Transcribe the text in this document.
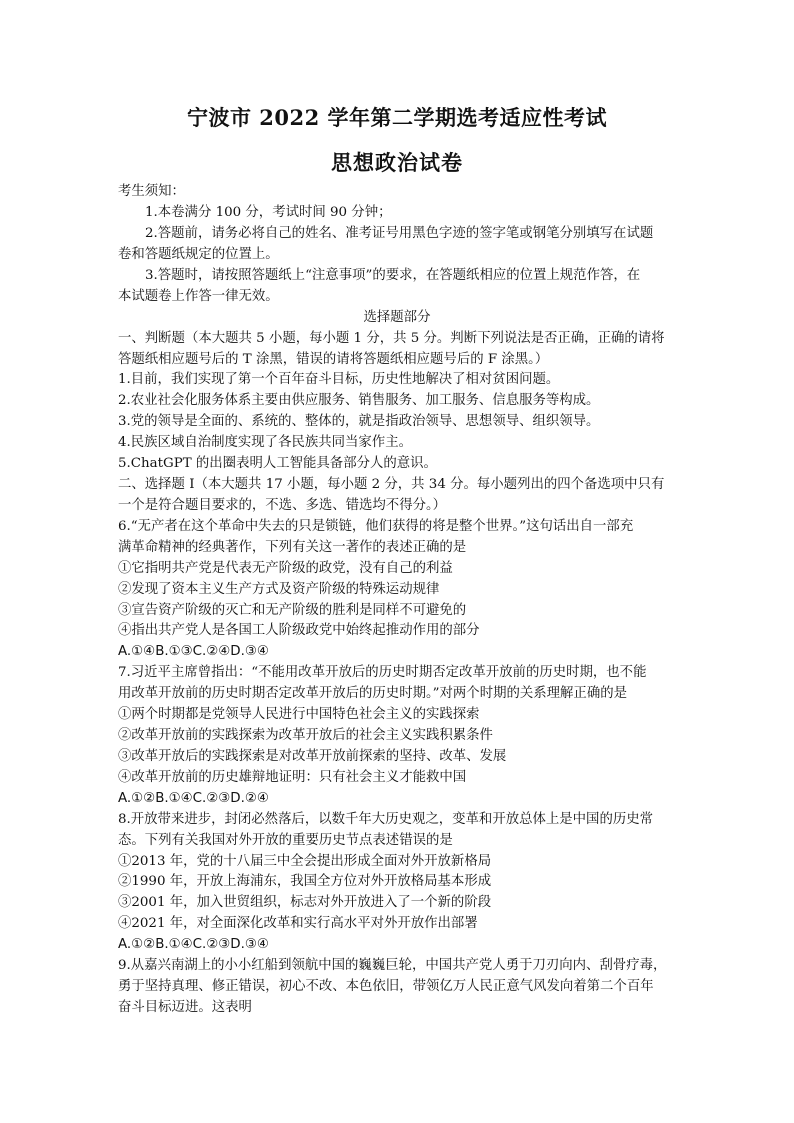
宁波市 2022 学年第二学期选考适应性考试
思想政治试卷
考生须知：
1.本卷满分 100 分，考试时间 90 分钟；
2.答题前，请务必将自己的姓名、准考证号用黑色字迹的签字笔或钢笔分别填写在试题
卷和答题纸规定的位置上。
3.答题时，请按照答题纸上“注意事项”的要求，在答题纸相应的位置上规范作答，在
本试题卷上作答一律无效。
选择题部分
一、判断题（本大题共 5 小题，每小题 1 分，共 5 分。判断下列说法是否正确，正确的请将
答题纸相应题号后的 T 涂黑，错误的请将答题纸相应题号后的 F 涂黑。）
1.目前，我们实现了第一个百年奋斗目标，历史性地解决了相对贫困问题。
2.农业社会化服务体系主要由供应服务、销售服务、加工服务、信息服务等构成。
3.党的领导是全面的、系统的、整体的，就是指政治领导、思想领导、组织领导。
4.民族区域自治制度实现了各民族共同当家作主。
5.ChatGPT 的出圈表明人工智能具备部分人的意识。
二、选择题 I（本大题共 17 小题，每小题 2 分，共 34 分。每小题列出的四个备选项中只有
一个是符合题目要求的，不选、多选、错选均不得分。）
6.“无产者在这个革命中失去的只是锁链，他们获得的将是整个世界。”这句话出自一部充
满革命精神的经典著作，下列有关这一著作的表述正确的是
①它指明共产党是代表无产阶级的政党，没有自己的利益
②发现了资本主义生产方式及资产阶级的特殊运动规律
③宣告资产阶级的灭亡和无产阶级的胜利是同样不可避免的
④指出共产党人是各国工人阶级政党中始终起推动作用的部分
A.①④B.①③C.②④D.③④
7.习近平主席曾指出：“不能用改革开放后的历史时期否定改革开放前的历史时期，也不能
用改革开放前的历史时期否定改革开放后的历史时期。”对两个时期的关系理解正确的是
①两个时期都是党领导人民进行中国特色社会主义的实践探索
②改革开放前的实践探索为改革开放后的社会主义实践积累条件
③改革开放后的实践探索是对改革开放前探索的坚持、改革、发展
④改革开放前的历史雄辩地证明：只有社会主义才能救中国
A.①②B.①④C.②③D.②④
8.开放带来进步，封闭必然落后，以数千年大历史观之，变革和开放总体上是中国的历史常
态。下列有关我国对外开放的重要历史节点表述错误的是
①2013 年，党的十八届三中全会提出形成全面对外开放新格局
②1990 年，开放上海浦东，我国全方位对外开放格局基本形成
③2001 年，加入世贸组织，标志对外开放进入了一个新的阶段
④2021 年，对全面深化改革和实行高水平对外开放作出部署
A.①②B.①④C.②③D.③④
9.从嘉兴南湖上的小小红船到领航中国的巍巍巨轮，中国共产党人勇于刀刃向内、刮骨疗毒，
勇于坚持真理、修正错误，初心不改、本色依旧，带领亿万人民正意气风发向着第二个百年
奋斗目标迈进。这表明
